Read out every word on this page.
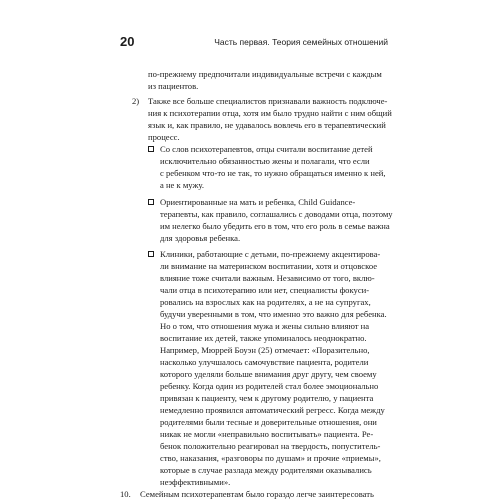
20	Часть первая. Теория семейных отношений
по-прежнему предпочитали индивидуальные встречи с каждым
из пациентов.
2) Также все больше специалистов признавали важность подключе-
ния к психотерапии отца, хотя им было трудно найти с ним общий
язык и, как правило, не удавалось вовлечь его в терапевтический
процесс.
Со слов психотерапевтов, отцы считали воспитание детей
исключительно обязанностью жены и полагали, что если
с ребенком что-то не так, то нужно обращаться именно к ней,
а не к мужу.
Ориентированные на мать и ребенка, Child Guidance-
терапевты, как правило, соглашались с доводами отца, поэтому
им нелегко было убедить его в том, что его роль в семье важна
для здоровья ребенка.
Клиники, работающие с детьми, по-прежнему акцентирова-
ли внимание на материнском воспитании, хотя и отцовское
влияние тоже считали важным. Независимо от того, вклю-
чали отца в психотерапию или нет, специалисты фокуси-
ровались на взрослых как на родителях, а не на супругах,
будучи уверенными в том, что именно это важно для ребенка.
Но о том, что отношения мужа и жены сильно влияют на
воспитание их детей, также упоминалось неоднократно.
Например, Мюррей Боуэн (25) отмечает: «Поразительно,
насколько улучшалось самочувствие пациента, родители
которого уделяли больше внимания друг другу, чем своему
ребенку. Когда один из родителей стал более эмоционально
привязан к пациенту, чем к другому родителю, у пациента
немедленно проявился автоматический регресс. Когда между
родителями были тесные и доверительные отношения, они
никак не могли «неправильно воспитывать» пациента. Ре-
бенок положительно реагировал на твердость, попуститель-
ство, наказания, «разговоры по душам» и прочие «приемы»,
которые в случае разлада между родителями оказывались
неэффективными».
10. Семейным психотерапевтам было гораздо легче заинтересовать
